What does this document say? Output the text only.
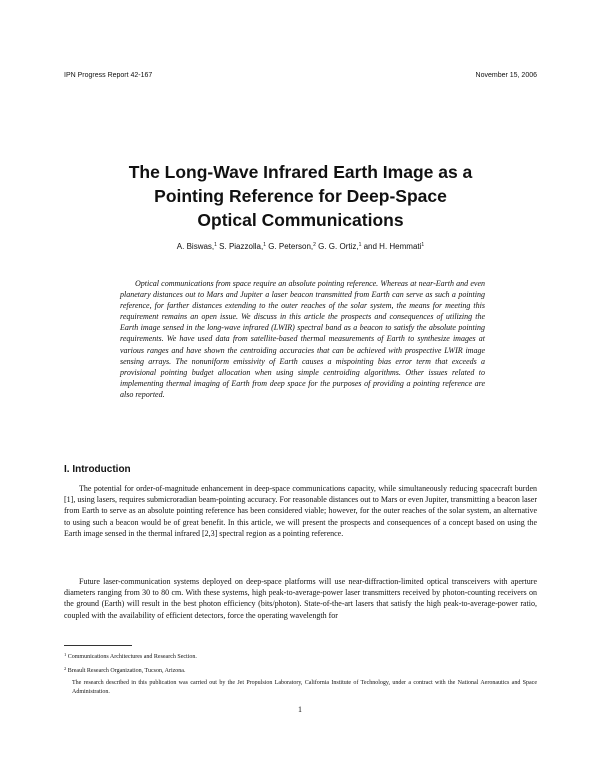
IPN Progress Report 42-167	November 15, 2006
The Long-Wave Infrared Earth Image as a
Pointing Reference for Deep-Space
Optical Communications
A. Biswas,$^1$ S. Piazzolla,$^1$ G. Peterson,$^2$ G. G. Ortiz,$^1$ and H. Hemmati$^1$
Optical communications from space require an absolute pointing reference. Whereas at near-Earth and even planetary distances out to Mars and Jupiter a laser beacon transmitted from Earth can serve as such a pointing reference, for farther distances extending to the outer reaches of the solar system, the means for meeting this requirement remains an open issue. We discuss in this article the prospects and consequences of utilizing the Earth image sensed in the long-wave infrared (LWIR) spectral band as a beacon to satisfy the absolute pointing requirements. We have used data from satellite-based thermal measurements of Earth to synthesize images at various ranges and have shown the centroiding accuracies that can be achieved with prospective LWIR image sensing arrays. The nonuniform emissivity of Earth causes a mispointing bias error term that exceeds a provisional pointing budget allocation when using simple centroiding algorithms. Other issues related to implementing thermal imaging of Earth from deep space for the purposes of providing a pointing reference are also reported.
I. Introduction
The potential for order-of-magnitude enhancement in deep-space communications capacity, while simultaneously reducing spacecraft burden [1], using lasers, requires submicroradian beam-pointing accuracy. For reasonable distances out to Mars or even Jupiter, transmitting a beacon laser from Earth to serve as an absolute pointing reference has been considered viable; however, for the outer reaches of the solar system, an alternative to using such a beacon would be of great benefit. In this article, we will present the prospects and consequences of a concept based on using the Earth image sensed in the thermal infrared [2,3] spectral region as a pointing reference.
Future laser-communication systems deployed on deep-space platforms will use near-diffraction-limited optical transceivers with aperture diameters ranging from 30 to 80 cm. With these systems, high peak-to-average-power laser transmitters received by photon-counting receivers on the ground (Earth) will result in the best photon efficiency (bits/photon). State-of-the-art lasers that satisfy the high peak-to-average-power ratio, coupled with the availability of efficient detectors, force the operating wavelength for
$^1$ Communications Architectures and Research Section.
$^2$ Breault Research Organization, Tucson, Arizona.
The research described in this publication was carried out by the Jet Propulsion Laboratory, California Institute of Technology, under a contract with the National Aeronautics and Space Administration.
1
